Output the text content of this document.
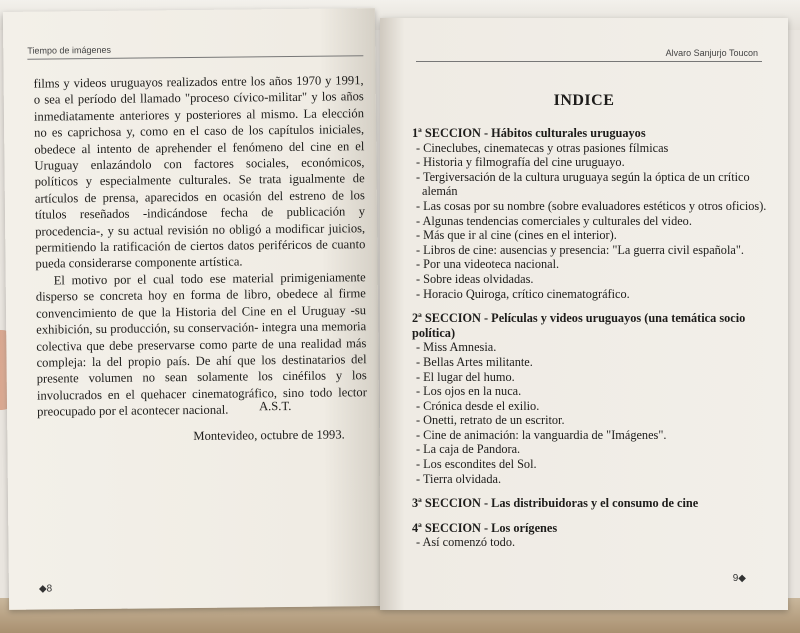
Tiempo de imágenes

films y videos uruguayos realizados entre los años 1970 y 1991, o sea el período del llamado "proceso cívico-militar" y los años inmediatamente anteriores y posteriores al mismo. La elección no es caprichosa y, como en el caso de los capítulos iniciales, obedece al intento de aprehender el fenómeno del cine en el Uruguay enlazándolo con factores sociales, económicos, políticos y especialmente culturales. Se trata igualmente de artículos de prensa, aparecidos en ocasión del estreno de los títulos reseñados -indicándose fecha de publicación y procedencia-, y su actual revisión no obligó a modificar juicios, permitiendo la ratificación de ciertos datos periféricos de cuanto pueda considerarse componente artística.

El motivo por el cual todo ese material primigeniamente disperso se concreta hoy en forma de libro, obedece al firme convencimiento de que la Historia del Cine en el Uruguay -su exhibición, su producción, su conservación- integra una memoria colectiva que debe preservarse como parte de una realidad más compleja: la del propio país. De ahí que los destinatarios del presente volumen no sean solamente los cinéfilos y los involucrados en el quehacer cinematográfico, sino todo lector preocupado por el acontecer nacional.	A.S.T.
Montevideo, octubre de 1993.
◆8
Alvaro Sanjurjo Toucon
INDICE

1ª SECCION - Hábitos culturales uruguayos

- Cineclubes, cinematecas y otras pasiones fílmicas

- Historia y filmografía del cine uruguayo.

- Tergiversación de la cultura uruguaya según la óptica de un crítico alemán

- Las cosas por su nombre (sobre evaluadores estéticos y otros oficios).

- Algunas tendencias comerciales y culturales del video.

- Más que ir al cine (cines en el interior).

- Libros de cine: ausencias y presencia: "La guerra civil española".

- Por una videoteca nacional.

- Sobre ideas olvidadas.

- Horacio Quiroga, crítico cinematográfico.

2ª SECCION - Películas y videos uruguayos (una temática socio política)

- Miss Amnesia.

- Bellas Artes militante.

- El lugar del humo.

- Los ojos en la nuca.

- Crónica desde el exilio.

- Onetti, retrato de un escritor.

- Cine de animación: la vanguardia de "Imágenes".

- La caja de Pandora.

- Los escondites del Sol.

- Tierra olvidada.

3ª SECCION - Las distribuidoras y el consumo de cine

4ª SECCION - Los orígenes

- Así comenzó todo.

9◆
